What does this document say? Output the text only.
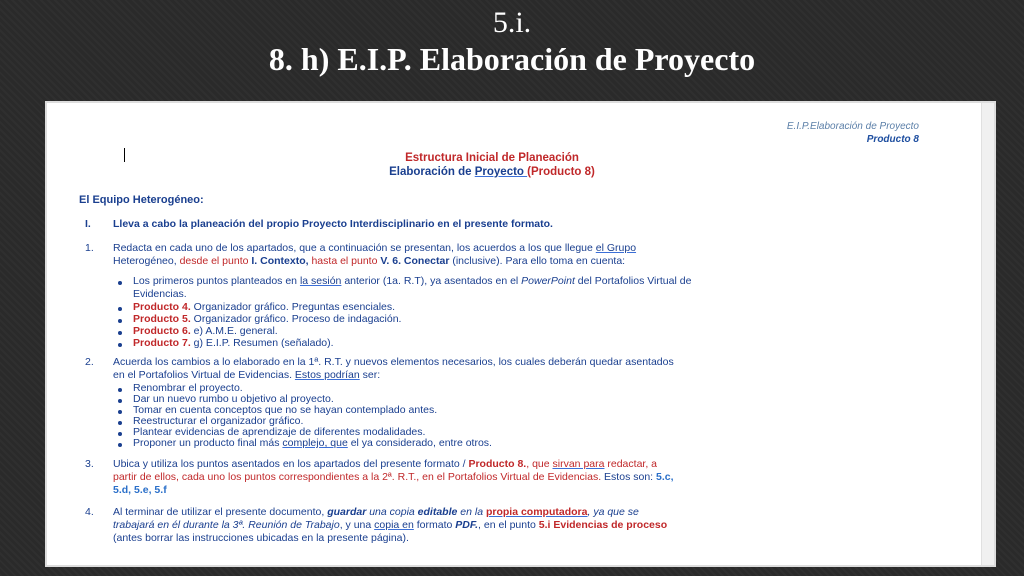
5.i.
8. h) E.I.P. Elaboración de Proyecto
E.I.P.Elaboración de Proyecto
Producto 8
Estructura Inicial de Planeación
Elaboración de Proyecto (Producto 8)
El Equipo Heterogéneo:
I. Lleva a cabo la planeación del propio Proyecto Interdisciplinario en el presente formato.
1. Redacta en cada uno de los apartados, que a continuación se presentan, los acuerdos a los que llegue el Grupo
Heterogéneo, desde el punto I. Contexto, hasta el punto V. 6. Conectar (inclusive). Para ello toma en cuenta:
Los primeros puntos planteados en la sesión anterior (1a. R.T), ya asentados en el PowerPoint del Portafolios Virtual de
Evidencias.
Producto 4. Organizador gráfico. Preguntas esenciales.
Producto 5. Organizador gráfico. Proceso de indagación.
Producto 6. e) A.M.E. general.
Producto 7. g) E.I.P. Resumen (señalado).
2. Acuerda los cambios a lo elaborado en la 1ª. R.T. y nuevos elementos necesarios, los cuales deberán quedar asentados
en el Portafolios Virtual de Evidencias. Estos podrían ser:
Renombrar el proyecto.
Dar un nuevo rumbo u objetivo al proyecto.
Tomar en cuenta conceptos que no se hayan contemplado antes.
Reestructurar el organizador gráfico.
Plantear evidencias de aprendizaje de diferentes modalidades.
Proponer un producto final más complejo, que el ya considerado, entre otros.
3. Ubica y utiliza los puntos asentados en los apartados del presente formato / Producto 8., que sirvan para redactar, a
partir de ellos, cada uno los puntos correspondientes a la 2ª. R.T., en el Portafolios Virtual de Evidencias. Estos son: 5.c,
5.d, 5.e, 5.f
4. Al terminar de utilizar el presente documento, guardar una copia editable en la propia computadora, ya que se
trabajará en él durante la 3ª. Reunión de Trabajo, y una copia en formato PDF., en el punto 5.i Evidencias de proceso
(antes borrar las instrucciones ubicadas en la presente página).
